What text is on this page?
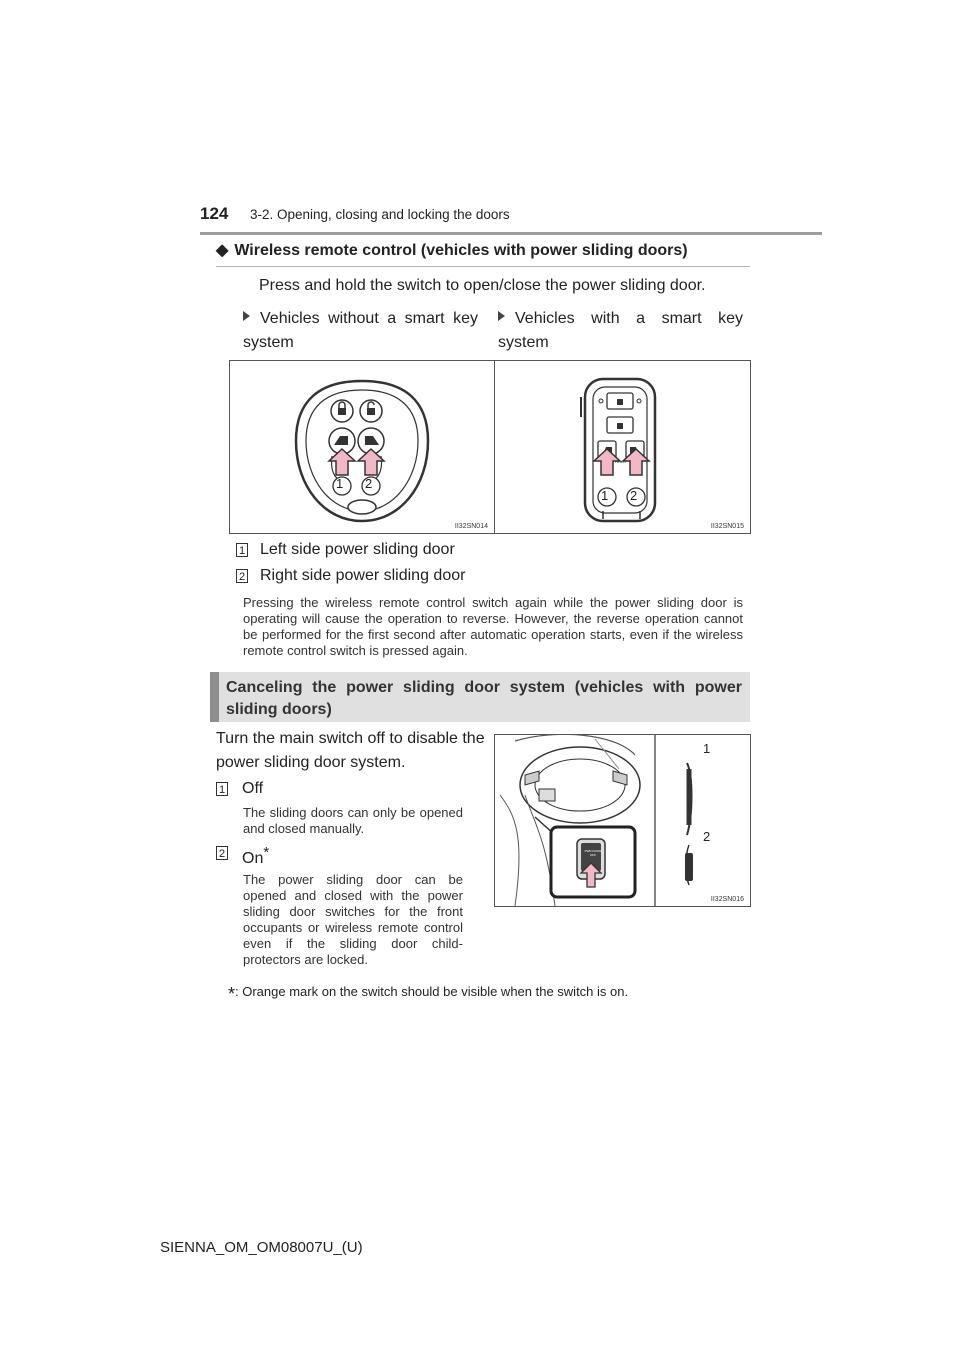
124 3-2. Opening, closing and locking the doors
◆ Wireless remote control (vehicles with power sliding doors)
Press and hold the switch to open/close the power sliding door.
Vehicles without a smart key system
Vehicles with a smart key system
1 2
II32SN014
HOLD
1 2
II32SN015
1 Left side power sliding door
2 Right side power sliding door
Pressing the wireless remote control switch again while the power sliding door is operating will cause the operation to reverse. However, the reverse operation cannot be performed for the first second after automatic operation starts, even if the wireless remote control switch is pressed again.
Canceling the power sliding door system (vehicles with power sliding doors)
Turn the main switch off to disable the power sliding door system.
1 Off
The sliding doors can only be opened and closed manually.
2 On*
The power sliding door can be opened and closed with the power sliding door switches for the front occupants or wireless remote control even if the sliding door child-protectors are locked.
PWR DOOR OFF
1
2
II32SN016
*: Orange mark on the switch should be visible when the switch is on.
SIENNA_OM_OM08007U_(U)
